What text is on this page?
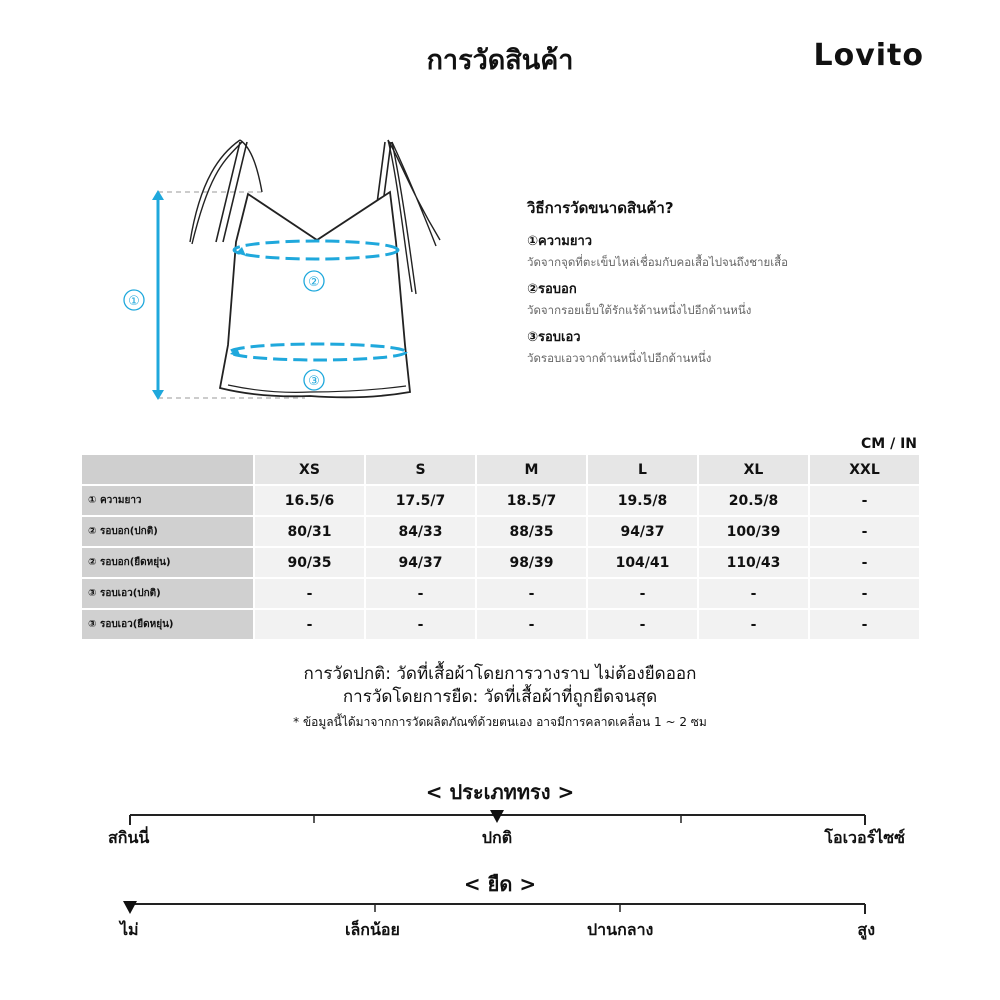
การวัดสินค้า	Lovito
①
②
③
วิธีการวัดขนาดสินค้า?
①ความยาว
วัดจากจุดที่ตะเข็บไหล่เชื่อมกับคอเสื้อไปจนถึงชายเสื้อ
②รอบอก
วัดจากรอยเย็บใต้รักแร้ด้านหนึ่งไปอีกด้านหนึ่ง
③รอบเอว
วัดรอบเอวจากด้านหนึ่งไปอีกด้านหนึ่ง
CM / IN
	XS	S	M	L	XL	XXL
① ความยาว	16.5/6	17.5/7	18.5/7	19.5/8	20.5/8	-
② รอบอก(ปกติ)	80/31	84/33	88/35	94/37	100/39	-
② รอบอก(ยืดหยุ่น)	90/35	94/37	98/39	104/41	110/43	-
③ รอบเอว(ปกติ)	-	-	-	-	-	-
③ รอบเอว(ยืดหยุ่น)	-	-	-	-	-	-
การวัดปกติ: วัดที่เสื้อผ้าโดยการวางราบ ไม่ต้องยืดออก
การวัดโดยการยืด: วัดที่เสื้อผ้าที่ถูกยืดจนสุด
* ข้อมูลนี้ได้มาจากการวัดผลิตภัณฑ์ด้วยตนเอง อาจมีการคลาดเคลื่อน 1 ~ 2 ซม
< ประเภททรง >
สกินนี่	ปกติ	โอเวอร์ไซซ์
< ยืด >
ไม่	เล็กน้อย	ปานกลาง	สูง
